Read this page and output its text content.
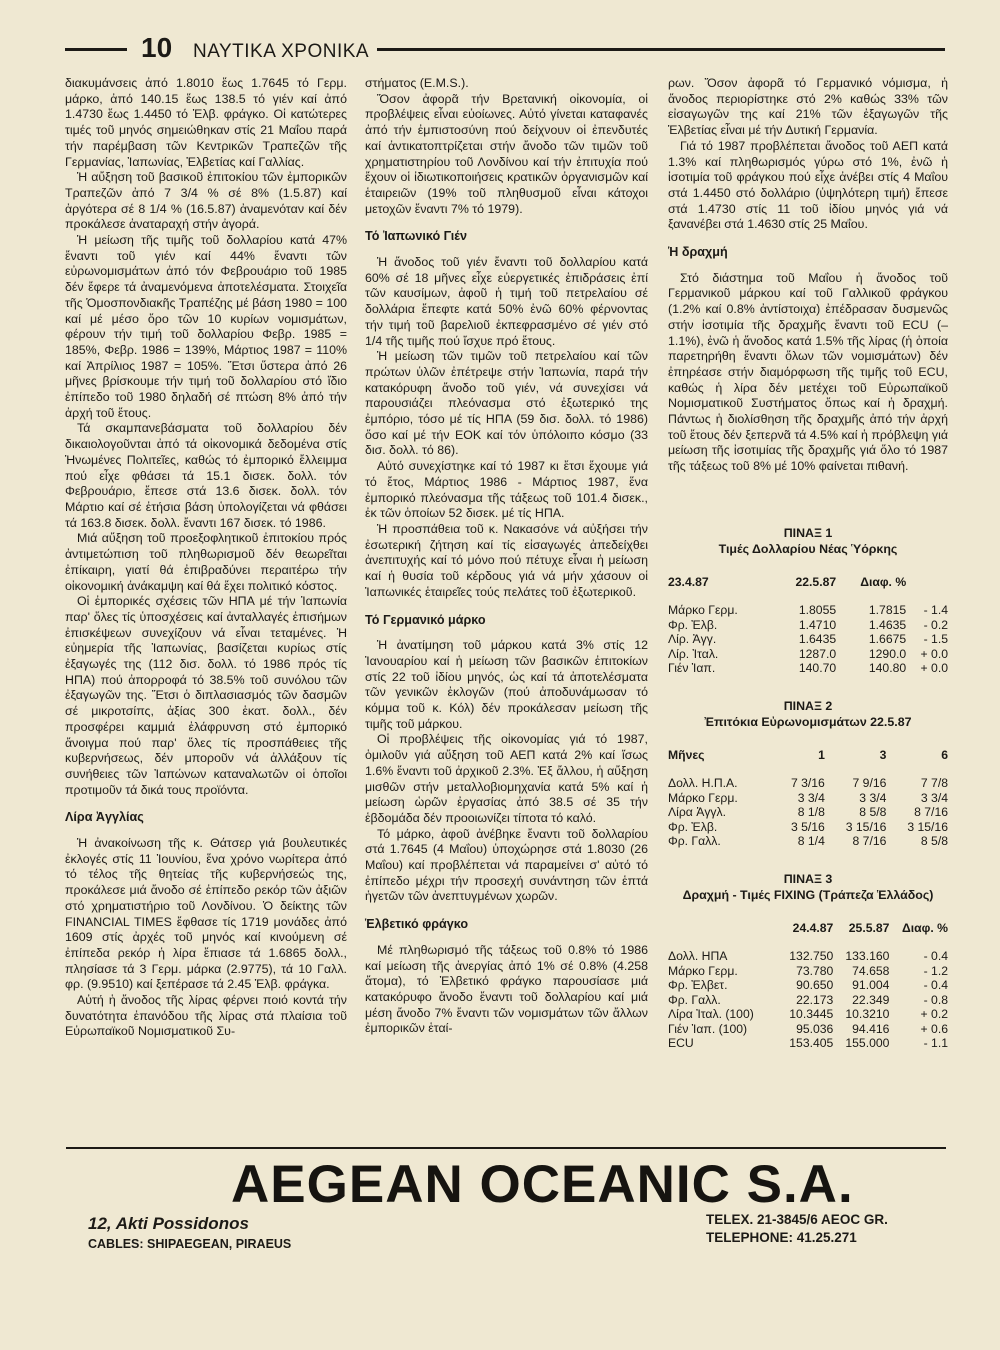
10 ΝΑΥΤΙΚΑ ΧΡΟΝΙΚΑ

διακυμάνσεις ἀπό 1.8010 ἕως 1.7645 τό Γερμ. μάρκο, ἀπό 140.15 ἕως 138.5 τό γιέν καί ἀπό 1.4730 ἕως 1.4450 τό Ἑλβ. φράγκο. Οἱ κατώτερες τιμές τοῦ μηνός σημειώθηκαν στίς 21 Μαΐου παρά τήν παρέμβαση τῶν Κεντρικῶν Τραπεζῶν τῆς Γερμανίας, Ἰαπωνίας, Ἑλβετίας καί Γαλλίας.

Ἡ αὔξηση τοῦ βασικοῦ ἐπιτοκίου τῶν ἐμπορικῶν Τραπεζῶν ἀπό 7 3/4 % σέ 8% (1.5.87) καί ἀργότερα σέ 8 1/4 % (16.5.87) ἀναμενόταν καί δέν προκάλεσε ἀναταραχή στήν ἀγορά.

Ἡ μείωση τῆς τιμῆς τοῦ δολλαρίου κατά 47% ἔναντι τοῦ γιέν καί 44% ἔναντι τῶν εὐρωνομισμάτων ἀπό τόν Φεβρουάριο τοῦ 1985 δέν ἔφερε τά ἀναμενόμενα ἀποτελέσματα. Στοιχεῖα τῆς Ὁμοσπονδιακῆς Τραπέζης μέ βάση 1980 = 100 καί μέ μέσο ὅρο τῶν 10 κυρίων νομισμάτων, φέρουν τήν τιμή τοῦ δολλαρίου Φεβρ. 1985 = 185%, Φεβρ. 1986 = 139%, Μάρτιος 1987 = 110% καί Ἀπρίλιος 1987 = 105%. Ἔτσι ὕστερα ἀπό 26 μῆνες βρίσκουμε τήν τιμή τοῦ δολλαρίου στό ἴδιο ἐπίπεδο τοῦ 1980 δηλαδή σέ πτώση 8% ἀπό τήν ἀρχή τοῦ ἔτους.

Τά σκαμπανεβάσματα τοῦ δολλαρίου δέν δικαιολογοῦνται ἀπό τά οἰκονομικά δεδομένα στίς Ἡνωμένες Πολιτεῖες, καθώς τό ἐμπορικό ἔλλειμμα πού εἶχε φθάσει τά 15.1 δισεκ. δολλ. τόν Φεβρουάριο, ἔπεσε στά 13.6 δισεκ. δολλ. τόν Μάρτιο καί σέ ἐτήσια βάση ὑπολογίζεται νά φθάσει τά 163.8 δισεκ. δολλ. ἔναντι 167 δισεκ. τό 1986.

Μιά αὔξηση τοῦ προεξοφλητικοῦ ἐπιτοκίου πρός ἀντιμετώπιση τοῦ πληθωρισμοῦ δέν θεωρεῖται ἐπίκαιρη, γιατί θά ἐπιβραδύνει περαιτέρω τήν οἰκονομική ἀνάκαμψη καί θά ἔχει πολιτικό κόστος.

Οἱ ἐμπορικές σχέσεις τῶν ΗΠΑ μέ τήν Ἰαπωνία παρ' ὅλες τίς ὑποσχέσεις καί ἀνταλλαγές ἐπισήμων ἐπισκέψεων συνεχίζουν νά εἶναι τεταμένες. Ἡ εὐημερία τῆς Ἰαπωνίας, βασίζεται κυρίως στίς ἐξαγωγές της (112 δισ. δολλ. τό 1986 πρός τίς ΗΠΑ) πού ἀπορροφά τό 38.5% τοῦ συνόλου τῶν ἐξαγωγῶν της. Ἔτσι ὁ διπλασιασμός τῶν δασμῶν σέ μικροτσίπς, ἀξίας 300 ἑκατ. δολλ., δέν προσφέρει καμμιά ἐλάφρυνση στό ἐμπορικό ἄνοιγμα πού παρ' ὅλες τίς προσπάθειες τῆς κυβερνήσεως, δέν μποροῦν νά ἀλλάξουν τίς συνήθειες τῶν Ἰαπώνων καταναλωτῶν οἱ ὁποῖοι προτιμοῦν τά δικά τους προϊόντα.

Λίρα Ἀγγλίας

Ἡ ἀνακοίνωση τῆς κ. Θάτσερ γιά βουλευτικές ἐκλογές στίς 11 Ἰουνίου, ἕνα χρόνο νωρίτερα ἀπό τό τέλος τῆς θητείας τῆς κυβερνήσεώς της, προκάλεσε μιά ἄνοδο σέ ἐπίπεδο ρεκόρ τῶν ἀξιῶν στό χρηματιστήριο τοῦ Λονδίνου. Ὁ δείκτης τῶν FINANCIAL TIMES ἔφθασε τίς 1719 μονάδες ἀπό 1609 στίς ἀρχές τοῦ μηνός καί κινούμενη σέ ἐπίπεδα ρεκόρ ἡ λίρα ἔπιασε τά 1.6865 δολλ., πλησίασε τά 3 Γερμ. μάρκα (2.9775), τά 10 Γαλλ. φρ. (9.9510) καί ξεπέρασε τά 2.45 Ἑλβ. φράγκα.

Αὐτή ἡ ἄνοδος τῆς λίρας φέρνει ποιό κοντά τήν δυνατότητα ἐπανόδου τῆς λίρας στά πλαίσια τοῦ Εὐρωπαϊκοῦ Νομισματικοῦ Συ-

στήματος (E.M.S.).

Ὅσον ἀφορᾶ τήν Βρετανική οἰκονομία, οἱ προβλέψεις εἶναι εὐοίωνες. Αὐτό γίνεται καταφανές ἀπό τήν ἐμπιστοσύνη πού δείχνουν οἱ ἐπενδυτές καί ἀντικατοπτρίζεται στήν ἄνοδο τῶν τιμῶν τοῦ χρηματιστηρίου τοῦ Λονδίνου καί τήν ἐπιτυχία πού ἔχουν οἱ ἰδιωτικοποιήσεις κρατικῶν ὀργανισμῶν καί ἑταιρειῶν (19% τοῦ πληθυσμοῦ εἶναι κάτοχοι μετοχῶν ἔναντι 7% τό 1979).

Τό Ἰαπωνικό Γιέν

Ἡ ἄνοδος τοῦ γιέν ἔναντι τοῦ δολλαρίου κατά 60% σέ 18 μῆνες εἶχε εὐεργετικές ἐπιδράσεις ἐπί τῶν καυσίμων, ἀφοῦ ἡ τιμή τοῦ πετρελαίου σέ δολλάρια ἔπεφτε κατά 50% ἐνῶ 60% φέρνοντας τήν τιμή τοῦ βαρελιοῦ ἐκπεφρασμένο σέ γιέν στό 1/4 τῆς τιμῆς πού ἴσχυε πρό ἔτους.

Ἡ μείωση τῶν τιμῶν τοῦ πετρελαίου καί τῶν πρώτων ὑλῶν ἐπέτρεψε στήν Ἰαπωνία, παρά τήν κατακόρυφη ἄνοδο τοῦ γιέν, νά συνεχίσει νά παρουσιάζει πλεόνασμα στό ἐξωτερικό της ἐμπόριο, τόσο μέ τίς ΗΠΑ (59 δισ. δολλ. τό 1986) ὅσο καί μέ τήν ΕΟΚ καί τόν ὑπόλοιπο κόσμο (33 δισ. δολλ. τό 86).

Αὐτό συνεχίστηκε καί τό 1987 κι ἔτσι ἔχουμε γιά τό ἔτος, Μάρτιος 1986 - Μάρτιος 1987, ἕνα ἐμπορικό πλεόνασμα τῆς τάξεως τοῦ 101.4 δισεκ., ἐκ τῶν ὁποίων 52 δισεκ. μέ τίς ΗΠΑ.

Ἡ προσπάθεια τοῦ κ. Νακασόνε νά αὐξήσει τήν ἐσωτερική ζήτηση καί τίς εἰσαγωγές ἀπεδείχθει ἀνεπιτυχής καί τό μόνο πού πέτυχε εἶναι ἡ μείωση καί ἡ θυσία τοῦ κέρδους γιά νά μήν χάσουν οἱ Ἰαπωνικές ἑταιρεῖες τούς πελάτες τοῦ ἐξωτερικοῦ.

Τό Γερμανικό μάρκο

Ἡ ἀνατίμηση τοῦ μάρκου κατά 3% στίς 12 Ἰανουαρίου καί ἡ μείωση τῶν βασικῶν ἐπιτοκίων στίς 22 τοῦ ἰδίου μηνός, ὡς καί τά ἀποτελέσματα τῶν γενικῶν ἐκλογῶν (πού ἀποδυνάμωσαν τό κόμμα τοῦ κ. Κόλ) δέν προκάλεσαν μείωση τῆς τιμῆς τοῦ μάρκου.

Οἱ προβλέψεις τῆς οἰκονομίας γιά τό 1987, ὁμιλοῦν γιά αὔξηση τοῦ ΑΕΠ κατά 2% καί ἴσως 1.6% ἔναντι τοῦ ἀρχικοῦ 2.3%. Ἐξ ἄλλου, ἡ αὔξηση μισθῶν στήν μεταλλοβιομηχανία κατά 5% καί ἡ μείωση ὡρῶν ἐργασίας ἀπό 38.5 σέ 35 τήν ἑβδομάδα δέν προοιωνίζει τίποτα τό καλό.

Τό μάρκο, ἀφοῦ ἀνέβηκε ἔναντι τοῦ δολλαρίου στά 1.7645 (4 Μαΐου) ὑποχώρησε στά 1.8030 (26 Μαΐου) καί προβλέπεται νά παραμείνει σ' αὐτό τό ἐπίπεδο μέχρι τήν προσεχή συνάντηση τῶν ἑπτά ἡγετῶν τῶν ἀνεπτυγμένων χωρῶν.

Ἑλβετικό φράγκο

Μέ πληθωρισμό τῆς τάξεως τοῦ 0.8% τό 1986 καί μείωση τῆς ἀνεργίας ἀπό 1% σέ 0.8% (4.258 ἄτομα), τό Ἑλβετικό φράγκο παρουσίασε μιά κατακόρυφο ἄνοδο ἔναντι τοῦ δολλαρίου καί μιά μέση ἄνοδο 7% ἔναντι τῶν νομισμάτων τῶν ἄλλων ἐμπορικῶν ἑταί-

ρων. Ὅσον ἀφορᾶ τό Γερμανικό νόμισμα, ἡ ἄνοδος περιορίστηκε στό 2% καθώς 33% τῶν εἰσαγωγῶν της καί 21% τῶν ἐξαγωγῶν τῆς Ἑλβετίας εἶναι μέ τήν Δυτική Γερμανία.

Γιά τό 1987 προβλέπεται ἄνοδος τοῦ ΑΕΠ κατά 1.3% καί πληθωρισμός γύρω στό 1%, ἐνῶ ἡ ἰσοτιμία τοῦ φράγκου πού εἶχε ἀνέβει στίς 4 Μαΐου στά 1.4450 στό δολλάριο (ὑψηλότερη τιμή) ἔπεσε στά 1.4730 στίς 11 τοῦ ἰδίου μηνός γιά νά ξανανέβει στά 1.4630 στίς 25 Μαΐου.

Ἡ δραχμή

Στό διάστημα τοῦ Μαΐου ἡ ἄνοδος τοῦ Γερμανικοῦ μάρκου καί τοῦ Γαλλικοῦ φράγκου (1.2% καί 0.8% ἀντίστοιχα) ἐπέδρασαν δυσμενῶς στήν ἰσοτιμία τῆς δραχμῆς ἔναντι τοῦ ECU (– 1.1%), ἐνῶ ἡ ἄνοδος κατά 1.5% τῆς λίρας (ἡ ὁποία παρετηρήθη ἔναντι ὅλων τῶν νομισμάτων) δέν ἐπηρέασε στήν διαμόρφωση τῆς τιμῆς τοῦ ECU, καθώς ἡ λίρα δέν μετέχει τοῦ Εὐρωπαϊκοῦ Νομισματικοῦ Συστήματος ὅπως καί ἡ δραχμή. Πάντως ἡ διολίσθηση τῆς δραχμῆς ἀπό τήν ἀρχή τοῦ ἔτους δέν ξεπερνᾶ τά 4.5% καί ἡ πρόβλεψη γιά μείωση τῆς ἰσοτιμίας τῆς δραχμῆς γιά ὅλο τό 1987 τῆς τάξεως τοῦ 8% μέ 10% φαίνεται πιθανή.

ΠΙΝΑΞ 1
Τιμές Δολλαρίου Νέας Ὑόρκης
23.4.87	22.5.87	Διαφ. %	
Μάρκο Γερμ.	1.8055	1.7815	- 1.4
Φρ. Ἐλβ.	1.4710	1.4635	- 0.2
Λίρ. Ἀγγ.	1.6435	1.6675	- 1.5
Λίρ. Ἰταλ.	1287.0	1290.0	+ 0.0
Γιέν Ἰαπ.	140.70	140.80	+ 0.0
ΠΙΝΑΞ 2
Ἐπιτόκια Εὐρωνομισμάτων 22.5.87
Μῆνες	1	3	6
Δολλ. Η.Π.Α.	7 3/16	7 9/16	7 7/8
Μάρκο Γερμ.	3 3/4	3 3/4	3 3/4
Λίρα Ἀγγλ.	8 1/8	8 5/8	8 7/16
Φρ. Ἐλβ.	3 5/16	3 15/16	3 15/16
Φρ. Γαλλ.	8 1/4	8 7/16	8 5/8
ΠΙΝΑΞ 3
Δραχμή - Τιμές FIXING (Τράπεζα Ἑλλάδος)
	24.4.87	25.5.87	Διαφ. %
Δολλ. ΗΠΑ	132.750	133.160	- 0.4
Μάρκο Γερμ.	73.780	74.658	- 1.2
Φρ. Ἐλβετ.	90.650	91.004	- 0.4
Φρ. Γαλλ.	22.173	22.349	- 0.8
Λίρα Ἰταλ. (100)	10.3445	10.3210	+ 0.2
Γιέν Ἰαπ. (100)	95.036	94.416	+ 0.6
ECU	153.405	155.000	- 1.1
AEGEAN OCEANIC S.A.
12, Akti Possidonos
CABLES: SHIPAEGEAN, PIRAEUS
TELEX. 21-3845/6 AEOC GR.
TELEPHONE: 41.25.271
